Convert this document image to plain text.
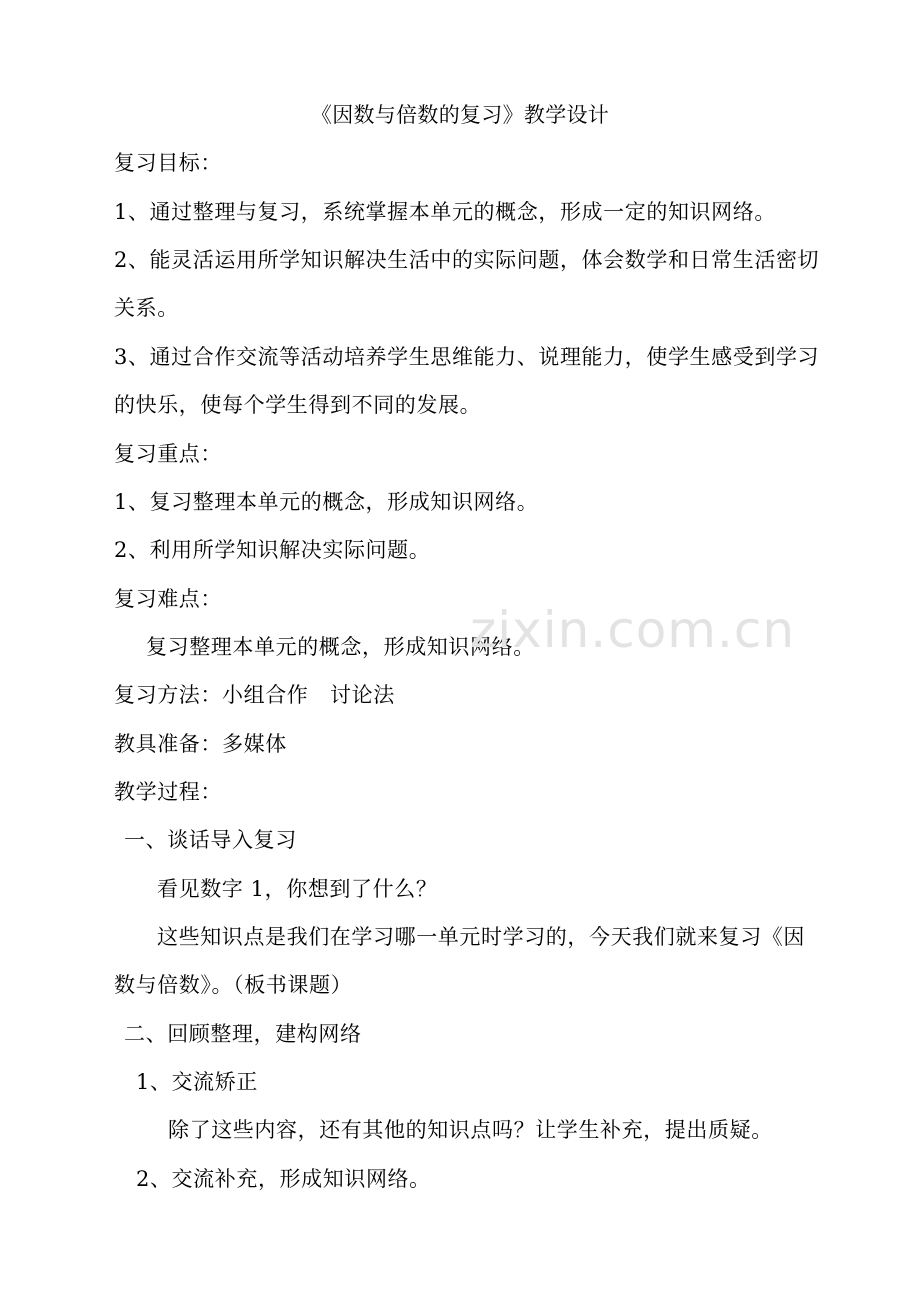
《因数与倍数的复习》教学设计
复习目标：
1、通过整理与复习，系统掌握本单元的概念，形成一定的知识网络。
2、能灵活运用所学知识解决生活中的实际问题，体会数学和日常生活密切
关系。
3、通过合作交流等活动培养学生思维能力、说理能力，使学生感受到学习
的快乐，使每个学生得到不同的发展。
复习重点：
1、复习整理本单元的概念，形成知识网络。
2、利用所学知识解决实际问题。
复习难点：
复习整理本单元的概念，形成知识网络。
复习方法：小组合作　讨论法
教具准备：多媒体
教学过程：
一、谈话导入复习
看见数字 1，你想到了什么？
这些知识点是我们在学习哪一单元时学习的，今天我们就来复习《因
数与倍数》。（板书课题）
二、回顾整理，建构网络
1、交流矫正
除了这些内容，还有其他的知识点吗？让学生补充，提出质疑。
2、交流补充，形成知识网络。
zixin.com.cn
